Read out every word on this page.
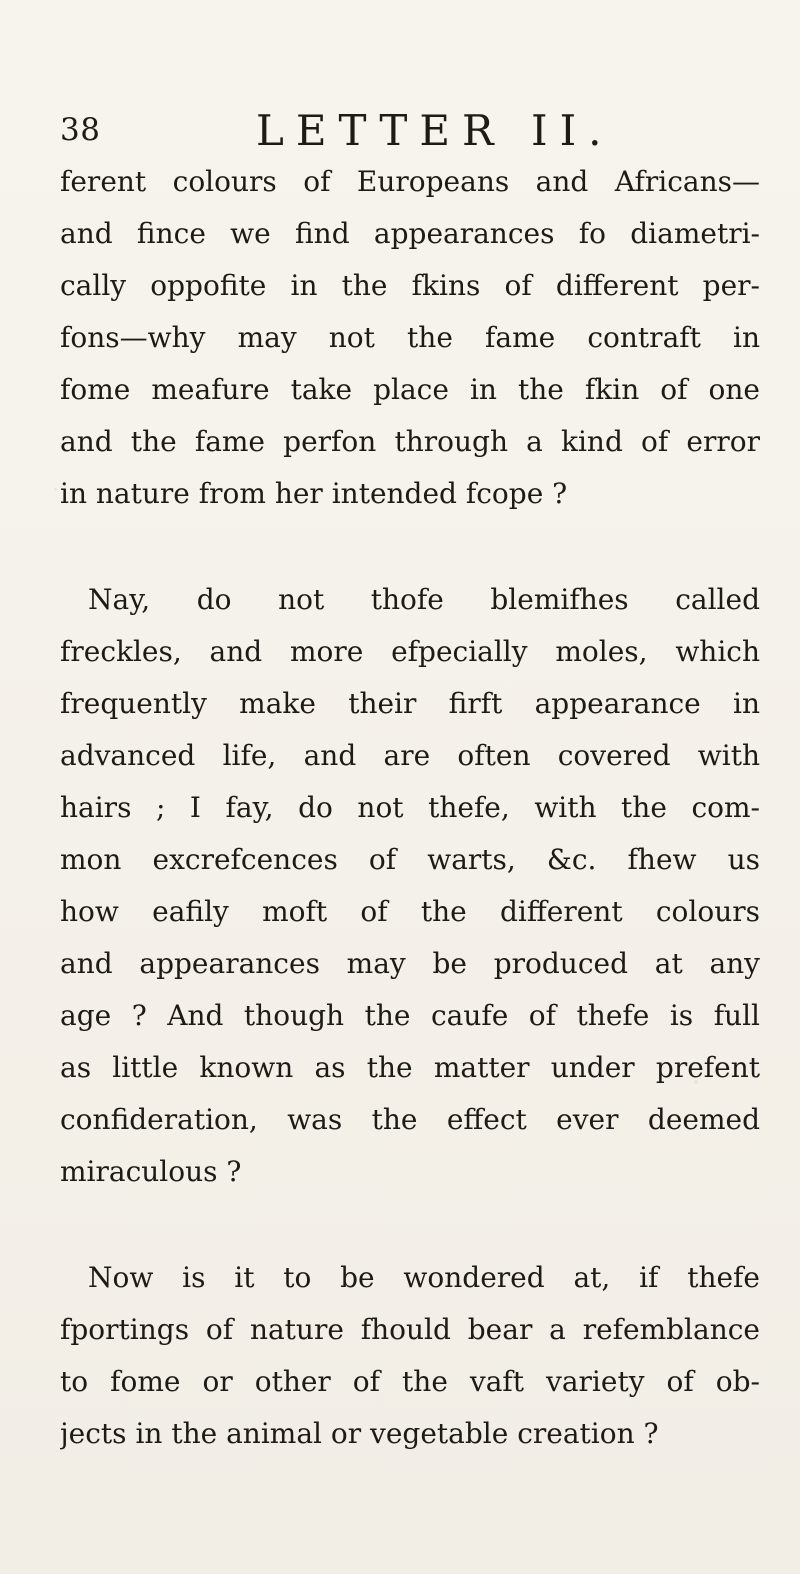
38	LETTER II.
ferent colours of Europeans and Africans—
and fince we find appearances fo diametri-
cally oppofite in the fkins of different per-
fons—why may not the fame contraft in
fome meafure take place in the fkin of one
and the fame perfon through a kind of error
in nature from her intended fcope ?
Nay, do not thofe blemifhes called
freckles, and more efpecially moles, which
frequently make their firft appearance in
advanced life, and are often covered with
hairs ; I fay, do not thefe, with the com-
mon excrefcences of warts, &c. fhew us
how eafily moft of the different colours
and appearances may be produced at any
age ? And though the caufe of thefe is full
as little known as the matter under prefent
confideration, was the effect ever deemed
miraculous ?
Now is it to be wondered at, if thefe
fportings of nature fhould bear a refemblance
to fome or other of the vaft variety of ob-
jects in the animal or vegetable creation ?
